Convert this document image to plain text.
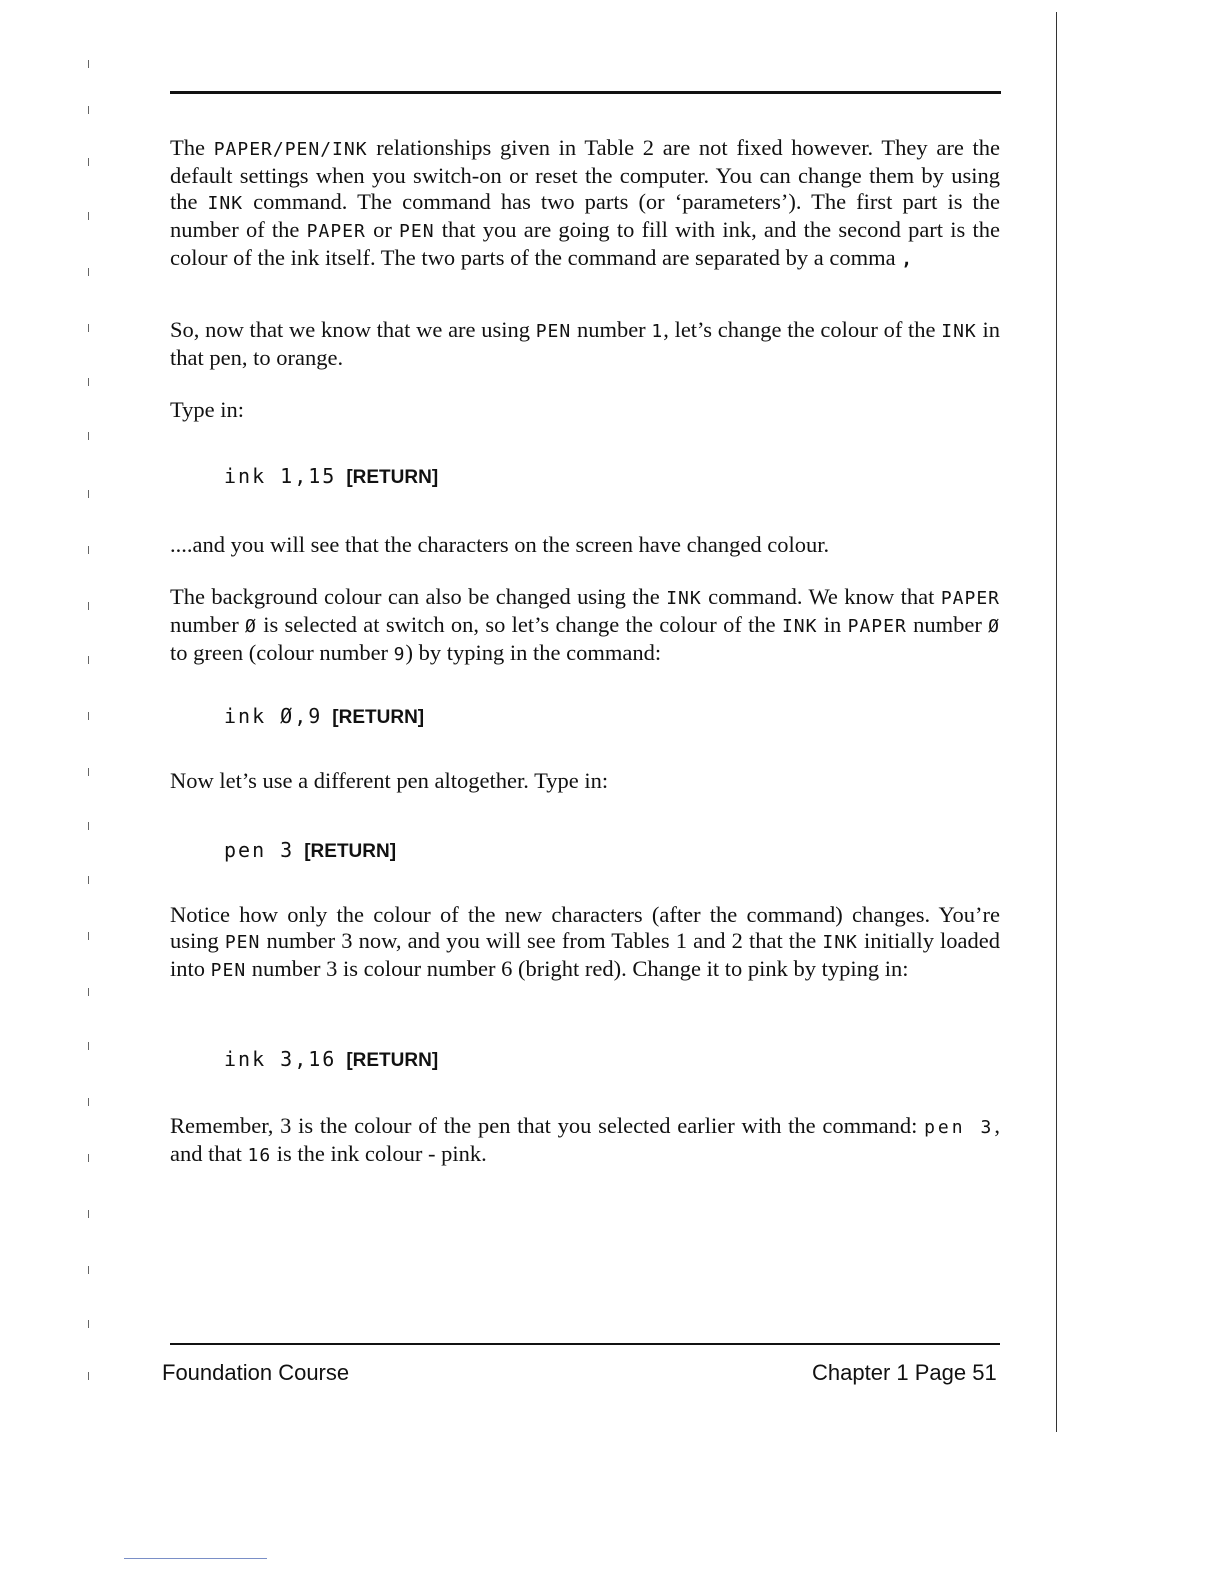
The PAPER/PEN/INK relationships given in Table 2 are not fixed however. They are the default settings when you switch-on or reset the computer. You can change them by using the INK command. The command has two parts (or ‘parameters’). The first part is the number of the PAPER or PEN that you are going to fill with ink, and the second part is the colour of the ink itself. The two parts of the command are separated by a comma ,

So, now that we know that we are using PEN number 1, let’s change the colour of the INK in that pen, to orange.

Type in:

ink 1,15 [RETURN]

....and you will see that the characters on the screen have changed colour.

The background colour can also be changed using the INK command. We know that PAPER number Ø is selected at switch on, so let’s change the colour of the INK in PAPER number Ø to green (colour number 9) by typing in the command:

ink Ø,9 [RETURN]

Now let’s use a different pen altogether. Type in:

pen 3 [RETURN]

Notice how only the colour of the new characters (after the command) changes. You’re using PEN number 3 now, and you will see from Tables 1 and 2 that the INK initially loaded into PEN number 3 is colour number 6 (bright red). Change it to pink by typing in:

ink 3,16 [RETURN]

Remember, 3 is the colour of the pen that you selected earlier with the command: pen 3, and that 16 is the ink colour - pink.

Foundation Course	Chapter 1 Page 51
